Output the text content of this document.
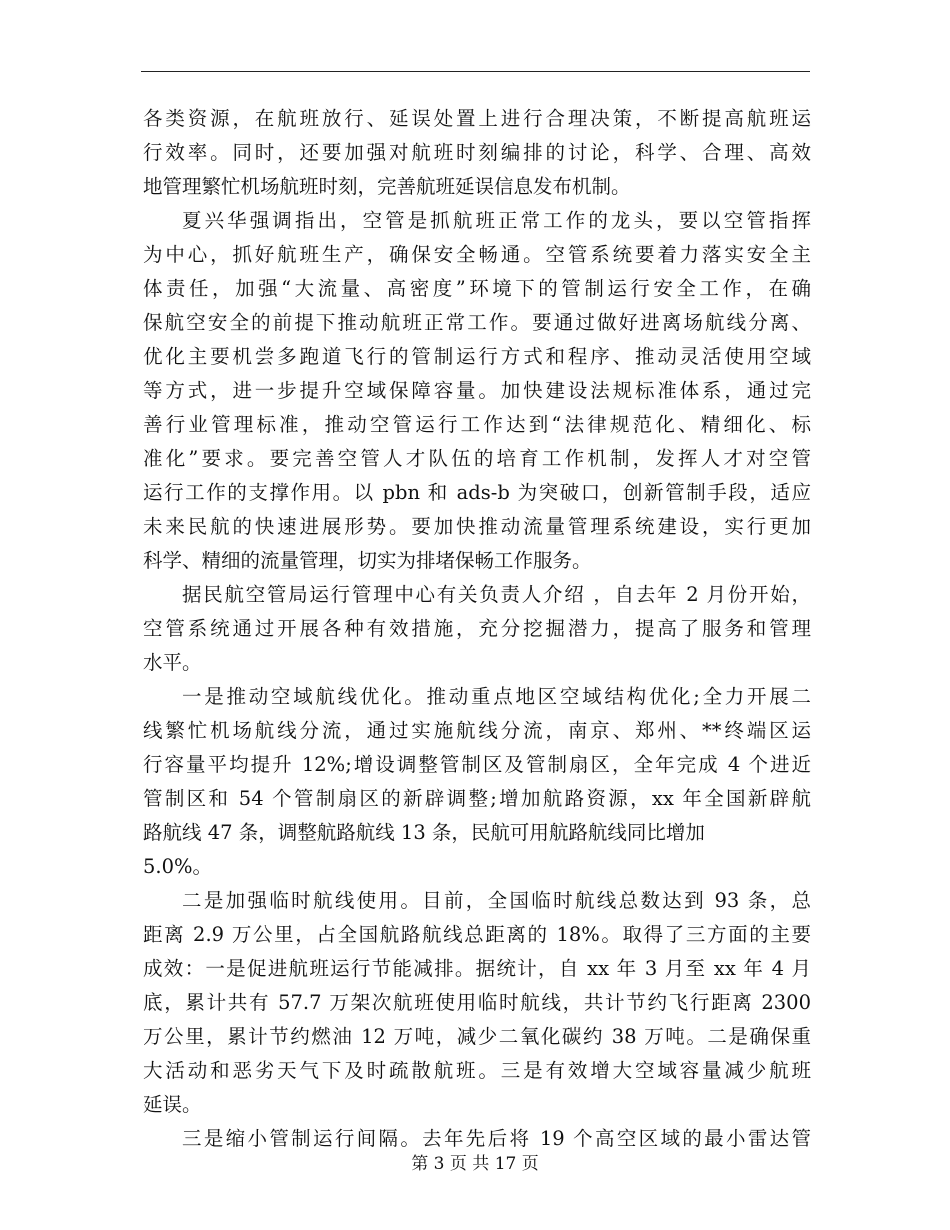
各类资源，在航班放行、延误处置上进行合理决策，不断提高航班运
行效率。同时，还要加强对航班时刻编排的讨论，科学、合理、高效
地管理繁忙机场航班时刻，完善航班延误信息发布机制。
夏兴华强调指出，空管是抓航班正常工作的龙头，要以空管指挥
为中心，抓好航班生产，确保安全畅通。空管系统要着力落实安全主
体责任，加强“大流量、高密度”环境下的管制运行安全工作，在确
保航空安全的前提下推动航班正常工作。要通过做好进离场航线分离、
优化主要机尝多跑道飞行的管制运行方式和程序、推动灵活使用空域
等方式，进一步提升空域保障容量。加快建设法规标准体系，通过完
善行业管理标准，推动空管运行工作达到“法律规范化、精细化、标
准化”要求。要完善空管人才队伍的培育工作机制，发挥人才对空管
运行工作的支撑作用。以 pbn 和 ads-b 为突破口，创新管制手段，适应
未来民航的快速进展形势。要加快推动流量管理系统建设，实行更加
科学、精细的流量管理，切实为排堵保畅工作服务。
据民航空管局运行管理中心有关负责人介绍 ，自去年 2 月份开始，
空管系统通过开展各种有效措施，充分挖掘潜力，提高了服务和管理
水平。
一是推动空域航线优化。推动重点地区空域结构优化;全力开展二
线繁忙机场航线分流，通过实施航线分流，南京、郑州、**终端区运
行容量平均提升 12%;增设调整管制区及管制扇区，全年完成 4 个进近
管制区和 54 个管制扇区的新辟调整;增加航路资源，xx 年全国新辟航
路航线 47 条，调整航路航线 13 条，民航可用航路航线同比增加
5.0%。
二是加强临时航线使用。目前，全国临时航线总数达到 93 条，总
距离 2.9 万公里，占全国航路航线总距离的 18%。取得了三方面的主要
成效：一是促进航班运行节能减排。据统计，自 xx 年 3 月至 xx 年 4 月
底，累计共有 57.7 万架次航班使用临时航线，共计节约飞行距离 2300
万公里，累计节约燃油 12 万吨，减少二氧化碳约 38 万吨。二是确保重
大活动和恶劣天气下及时疏散航班。三是有效增大空域容量减少航班
延误。
三是缩小管制运行间隔。去年先后将 19 个高空区域的最小雷达管
第 3 页 共 17 页
